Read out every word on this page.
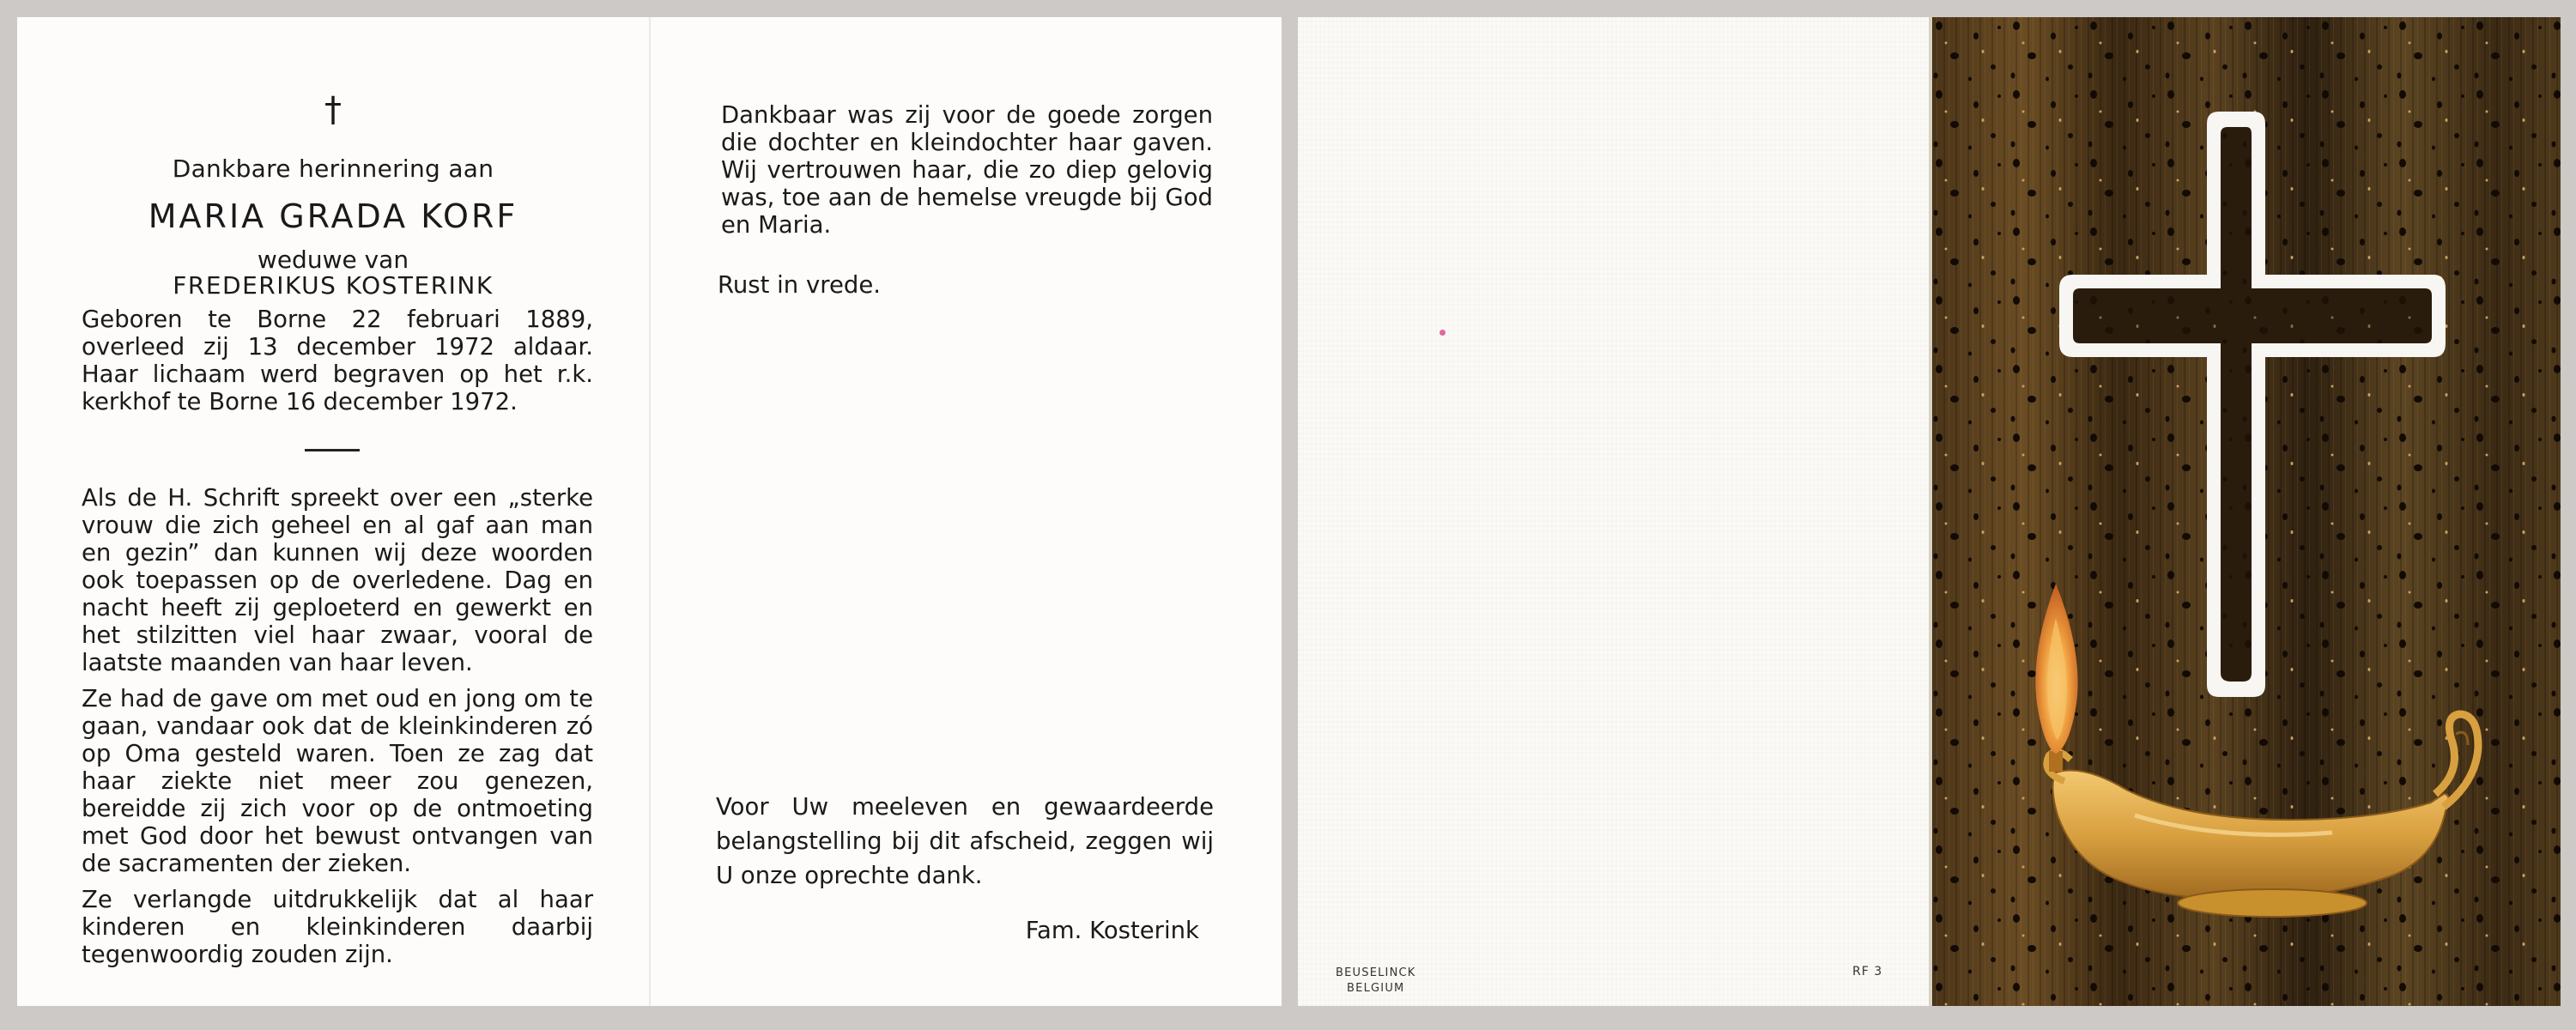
†
Dankbare herinnering aan
MARIA GRADA KORF
weduwe van
FREDERIKUS KOSTERINK

Geboren te Borne 22 februari 1889, overleed zij 13 december 1972 aldaar. Haar lichaam werd begraven op het r.k. kerkhof te Borne 16 december 1972.

Als de H. Schrift spreekt over een „sterke vrouw die zich geheel en al gaf aan man en gezin” dan kunnen wij deze woorden ook toepassen op de overledene. Dag en nacht heeft zij geploeterd en gewerkt en het stilzitten viel haar zwaar, vooral de laatste maanden van haar leven.

Ze had de gave om met oud en jong om te gaan, vandaar ook dat de kleinkinderen zó op Oma gesteld waren. Toen ze zag dat haar ziekte niet meer zou genezen, bereidde zij zich voor op de ontmoeting met God door het bewust ontvangen van de sacramenten der zieken.

Ze verlangde uitdrukkelijk dat al haar kinderen en kleinkinderen daarbij tegenwoordig zouden zijn.

Dankbaar was zij voor de goede zorgen die dochter en kleindochter haar gaven. Wij vertrouwen haar, die zo diep gelovig was, toe aan de hemelse vreugde bij God en Maria.

Rust in vrede.

Voor Uw meeleven en gewaardeerde belangstelling bij dit afscheid, zeggen wij U onze oprechte dank.

Fam. Kosterink
BEUSELINCK
BELGIUM
RF 3
